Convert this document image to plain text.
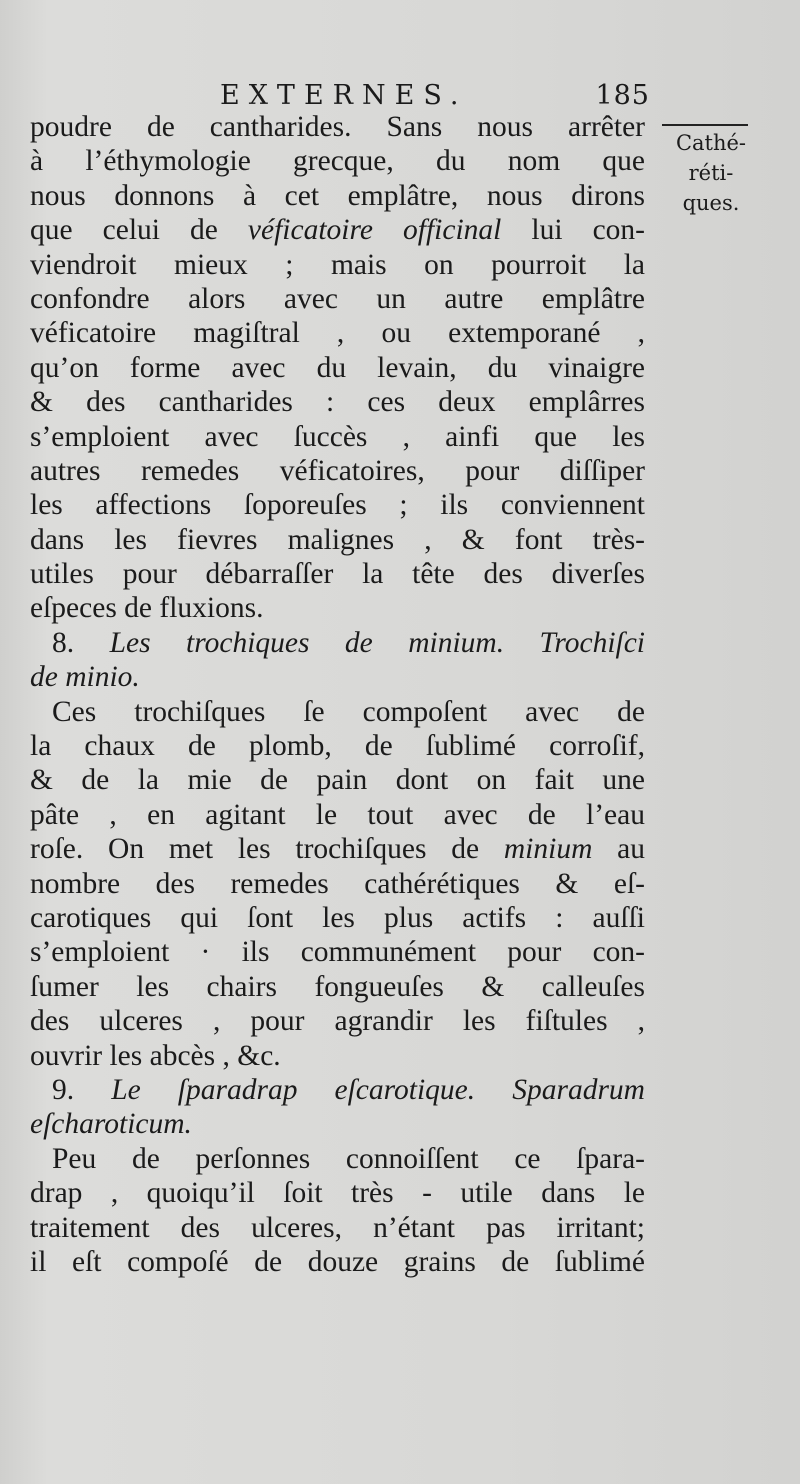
EXTERNES.	185
Cathé-
réti-
ques.
poudre de cantharides. Sans nous arrêter
à l’éthymologie grecque, du nom que
nous donnons à cet emplâtre, nous dirons
que celui de véficatoire officinal lui con-
viendroit mieux ; mais on pourroit la
confondre alors avec un autre emplâtre
véficatoire magiſtral , ou extemporané ,
qu’on forme avec du levain, du vinaigre
& des cantharides : ces deux emplârres
s’emploient avec ſuccès , ainfi que les
autres remedes véficatoires, pour diſſiper
les affections ſoporeuſes ; ils conviennent
dans les fievres malignes , & font très-
utiles pour débarraſſer la tête des diverſes
eſpeces de fluxions.
8. Les trochiques de minium. Trochiſci
de minio.
Ces trochiſques ſe compoſent avec de
la chaux de plomb, de ſublimé corroſif,
& de la mie de pain dont on fait une
pâte , en agitant le tout avec de l’eau
roſe. On met les trochiſques de minium au
nombre des remedes cathérétiques & eſ-
carotiques qui ſont les plus actifs : auſſi
s’emploient · ils communément pour con-
ſumer les chairs fongueuſes & calleuſes
des ulceres , pour agrandir les fiſtules ,
ouvrir les abcès , &c.
9. Le ſparadrap eſcarotique. Sparadrum
eſcharoticum.
Peu de perſonnes connoiſſent ce ſpara-
drap , quoiqu’il ſoit très - utile dans le
traitement des ulceres, n’étant pas irritant;
il eſt compoſé de douze grains de ſublimé
